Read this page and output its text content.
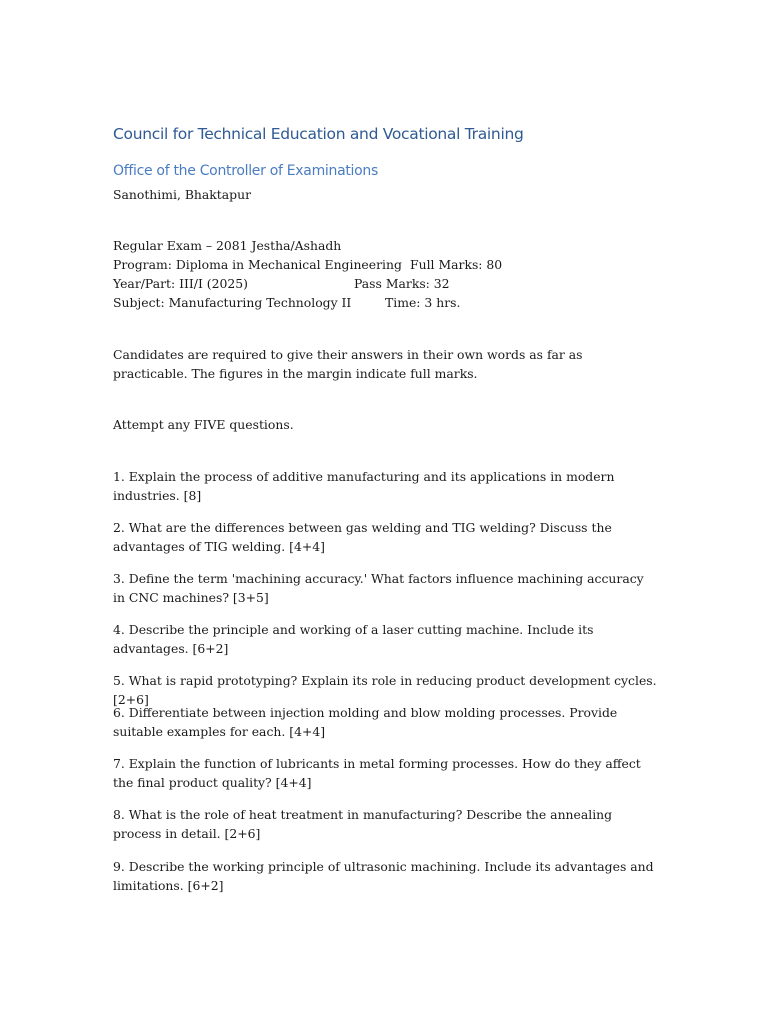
Council for Technical Education and Vocational Training
Office of the Controller of Examinations
Sanothimi, Bhaktapur
Regular Exam – 2081 Jestha/Ashadh
Program: Diploma in Mechanical Engineering Full Marks: 80
Year/Part: III/I (2025)	Pass Marks: 32
Subject: Manufacturing Technology II	Time: 3 hrs.
Candidates are required to give their answers in their own words as far as practicable. The figures in the margin indicate full marks.
Attempt any FIVE questions.
1. Explain the process of additive manufacturing and its applications in modern industries. [8]
2. What are the differences between gas welding and TIG welding? Discuss the advantages of TIG welding. [4+4]
3. Define the term 'machining accuracy.' What factors influence machining accuracy in CNC machines? [3+5]
4. Describe the principle and working of a laser cutting machine. Include its advantages. [6+2]
5. What is rapid prototyping? Explain its role in reducing product development cycles. [2+6]
6. Differentiate between injection molding and blow molding processes. Provide suitable examples for each. [4+4]
7. Explain the function of lubricants in metal forming processes. How do they affect the final product quality? [4+4]
8. What is the role of heat treatment in manufacturing? Describe the annealing process in detail. [2+6]
9. Describe the working principle of ultrasonic machining. Include its advantages and limitations. [6+2]
